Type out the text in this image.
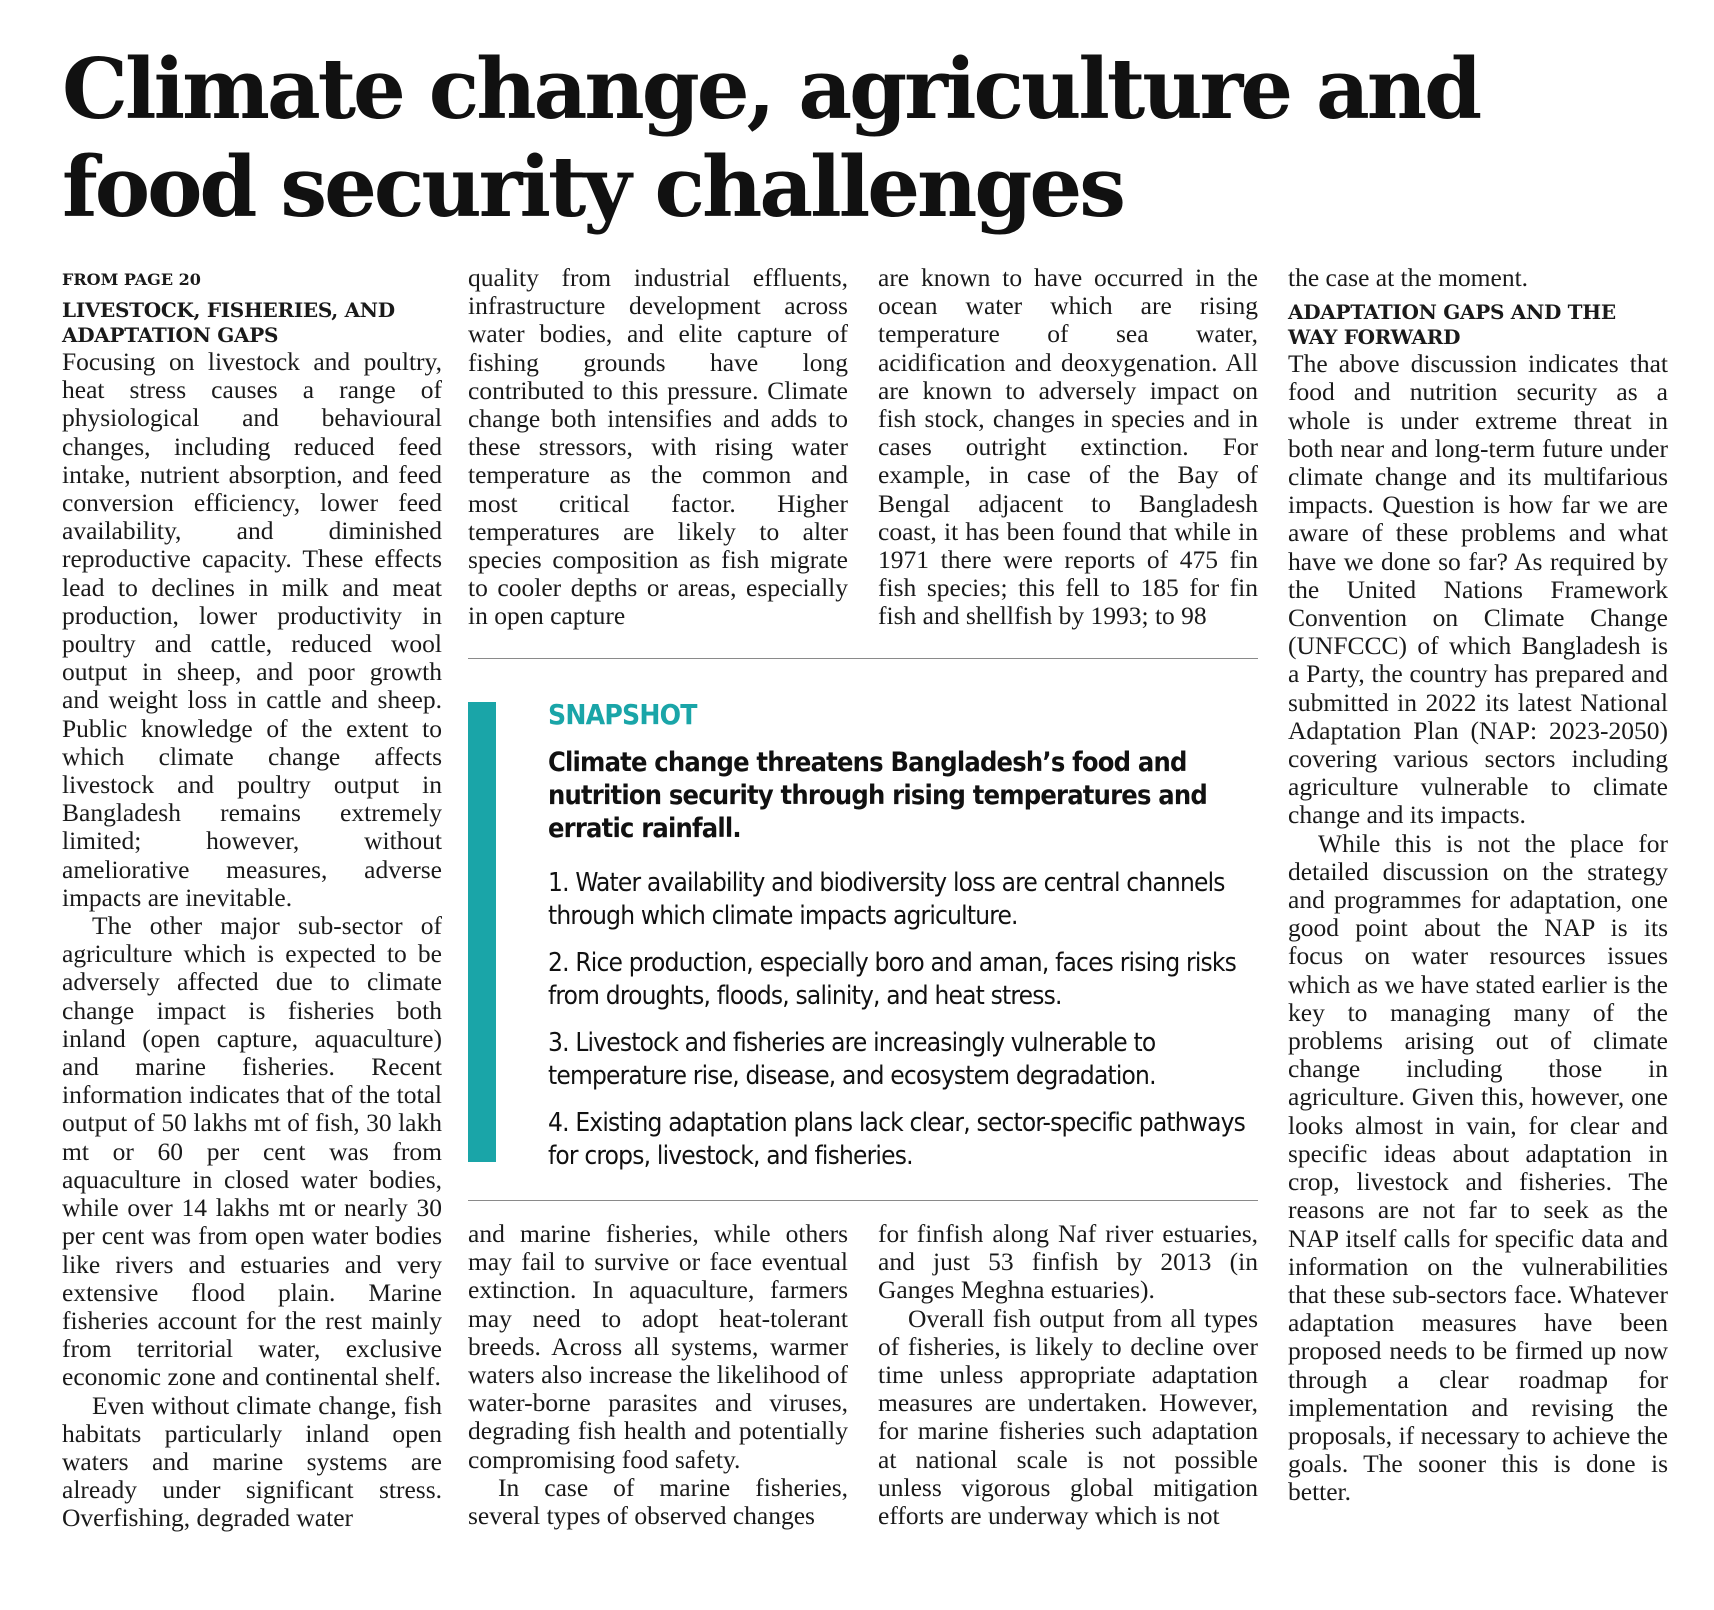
Climate change, agriculture and food security challenges
FROM PAGE 20
LIVESTOCK, FISHERIES, AND ADAPTATION GAPS

Focusing on livestock and poultry, heat stress causes a range of physiological and behavioural changes, including reduced feed intake, nutrient absorption, and feed conversion efficiency, lower feed availability, and diminished reproductive capacity. These effects lead to declines in milk and meat production, lower productivity in poultry and cattle, reduced wool output in sheep, and poor growth and weight loss in cattle and sheep. Public knowledge of the extent to which climate change affects livestock and poultry output in Bangladesh remains extremely limited; however, without ameliorative measures, adverse impacts are inevitable.

The other major sub-sector of agriculture which is expected to be adversely affected due to climate change impact is fisheries both inland (open capture, aquaculture) and marine fisheries. Recent information indicates that of the total output of 50 lakhs mt of fish, 30 lakh mt or 60 per cent was from aquaculture in closed water bodies, while over 14 lakhs mt or nearly 30 per cent was from open water bodies like rivers and estuaries and very extensive flood plain. Marine fisheries account for the rest mainly from territorial water, exclusive economic zone and continental shelf.

Even without climate change, fish habitats particularly inland open waters and marine systems are already under significant stress. Overfishing, degraded water

quality from industrial effluents, infrastructure development across water bodies, and elite capture of fishing grounds have long contributed to this pressure. Climate change both intensifies and adds to these stressors, with rising water temperature as the common and most critical factor. Higher temperatures are likely to alter species composition as fish migrate to cooler depths or areas, especially in open capture

are known to have occurred in the ocean water which are rising temperature of sea water, acidification and deoxygenation. All are known to adversely impact on fish stock, changes in species and in cases outright extinction. For example, in case of the Bay of Bengal adjacent to Bangladesh coast, it has been found that while in 1971 there were reports of 475 fin fish species; this fell to 185 for fin fish and shellfish by 1993; to 98

SNAPSHOT
Climate change threatens Bangladesh’s food and nutrition security through rising temperatures and erratic rainfall.
1. Water availability and biodiversity loss are central channels through which climate impacts agriculture.
2. Rice production, especially boro and aman, faces rising risks from droughts, floods, salinity, and heat stress.
3. Livestock and fisheries are increasingly vulnerable to temperature rise, disease, and ecosystem degradation.
4. Existing adaptation plans lack clear, sector-specific pathways for crops, livestock, and fisheries.

and marine fisheries, while others may fail to survive or face eventual extinction. In aquaculture, farmers may need to adopt heat-tolerant breeds. Across all systems, warmer waters also increase the likelihood of water-borne parasites and viruses, degrading fish health and potentially compromising food safety.

In case of marine fisheries, several types of observed changes

for finfish along Naf river estuaries, and just 53 finfish by 2013 (in Ganges Meghna estuaries).

Overall fish output from all types of fisheries, is likely to decline over time unless appropriate adaptation measures are undertaken. However, for marine fisheries such adaptation at national scale is not possible unless vigorous global mitigation efforts are underway which is not

the case at the moment.

ADAPTATION GAPS AND THE WAY FORWARD

The above discussion indicates that food and nutrition security as a whole is under extreme threat in both near and long-term future under climate change and its multifarious impacts. Question is how far we are aware of these problems and what have we done so far? As required by the United Nations Framework Convention on Climate Change (UNFCCC) of which Bangladesh is a Party, the country has prepared and submitted in 2022 its latest National Adaptation Plan (NAP: 2023-2050) covering various sectors including agriculture vulnerable to climate change and its impacts.

While this is not the place for detailed discussion on the strategy and programmes for adaptation, one good point about the NAP is its focus on water resources issues which as we have stated earlier is the key to managing many of the problems arising out of climate change including those in agriculture. Given this, however, one looks almost in vain, for clear and specific ideas about adaptation in crop, livestock and fisheries. The reasons are not far to seek as the NAP itself calls for specific data and information on the vulnerabilities that these sub-sectors face. Whatever adaptation measures have been proposed needs to be firmed up now through a clear roadmap for implementation and revising the proposals, if necessary to achieve the goals. The sooner this is done is better.
